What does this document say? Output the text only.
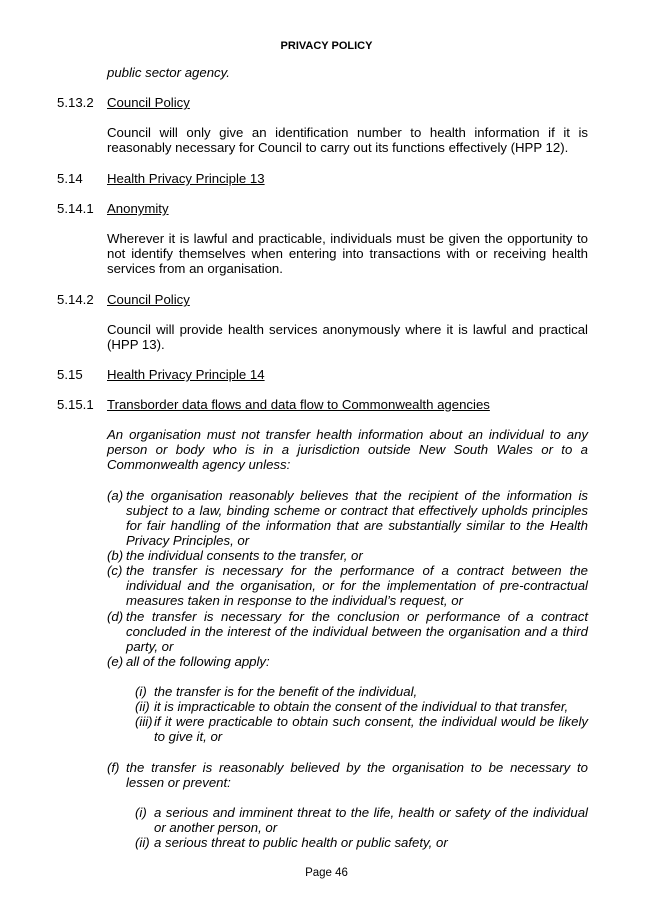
PRIVACY POLICY
public sector agency.
5.13.2 Council Policy
Council will only give an identification number to health information if it is reasonably necessary for Council to carry out its functions effectively (HPP 12).
5.14 Health Privacy Principle 13
5.14.1 Anonymity
Wherever it is lawful and practicable, individuals must be given the opportunity to not identify themselves when entering into transactions with or receiving health services from an organisation.
5.14.2 Council Policy
Council will provide health services anonymously where it is lawful and practical (HPP 13).
5.15 Health Privacy Principle 14
5.15.1 Transborder data flows and data flow to Commonwealth agencies
An organisation must not transfer health information about an individual to any person or body who is in a jurisdiction outside New South Wales or to a Commonwealth agency unless:
(a) the organisation reasonably believes that the recipient of the information is subject to a law, binding scheme or contract that effectively upholds principles for fair handling of the information that are substantially similar to the Health Privacy Principles, or
(b) the individual consents to the transfer, or
(c) the transfer is necessary for the performance of a contract between the individual and the organisation, or for the implementation of pre-contractual measures taken in response to the individual’s request, or
(d) the transfer is necessary for the conclusion or performance of a contract concluded in the interest of the individual between the organisation and a third party, or
(e) all of the following apply:
(i) the transfer is for the benefit of the individual,
(ii) it is impracticable to obtain the consent of the individual to that transfer,
(iii) if it were practicable to obtain such consent, the individual would be likely to give it, or
(f) the transfer is reasonably believed by the organisation to be necessary to lessen or prevent:
(i) a serious and imminent threat to the life, health or safety of the individual or another person, or
(ii) a serious threat to public health or public safety, or
Page 46
